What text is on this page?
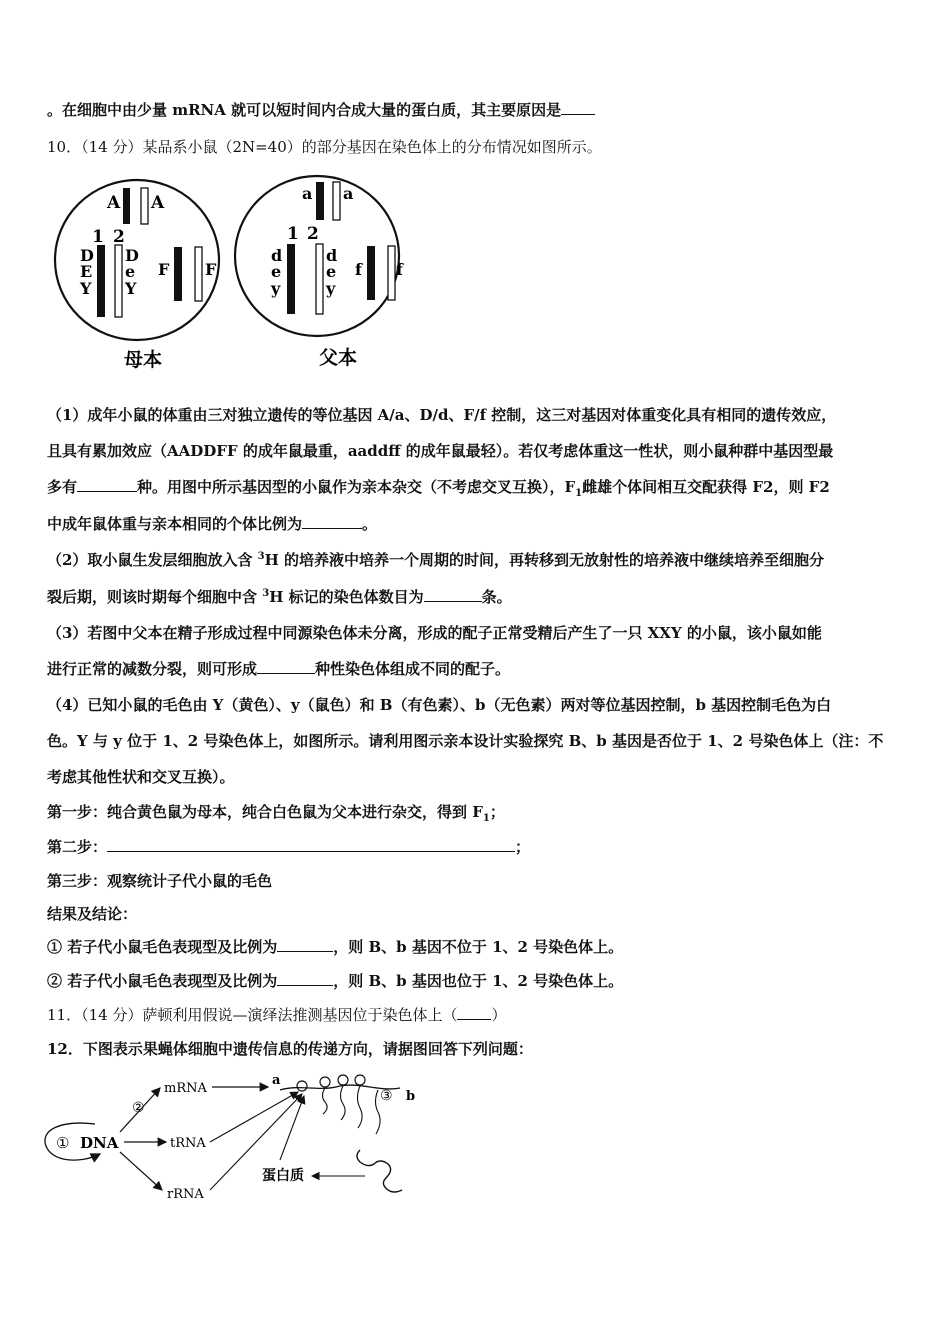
。在细胞中由少量 mRNA 就可以短时间内合成大量的蛋白质，其主要原因是
10．（14 分）某品系小鼠（2N=40）的部分基因在染色体上的分布情况如图所示。
A A
1 2
D
E
Y
D
e
Y
F F
a a
1 2
d
e
y
d
e
y
f f
母本	父本
（1）成年小鼠的体重由三对独立遗传的等位基因 A/a、D/d、F/f 控制，这三对基因对体重变化具有相同的遗传效应，
且具有累加效应（AADDFF 的成年鼠最重，aaddff 的成年鼠最轻）。若仅考虑体重这一性状，则小鼠种群中基因型最
多有	种。用图中所示基因型的小鼠作为亲本杂交（不考虑交叉互换），$F_1$雌雄个体间相互交配获得 F2，则 F2
中成年鼠体重与亲本相同的个体比例为	。
（2）取小鼠生发层细胞放入含 $^3$H 的培养液中培养一个周期的时间，再转移到无放射性的培养液中继续培养至细胞分
裂后期，则该时期每个细胞中含 $^3$H 标记的染色体数目为	条。
（3）若图中父本在精子形成过程中同源染色体未分离，形成的配子正常受精后产生了一只 XXY 的小鼠，该小鼠如能
进行正常的减数分裂，则可形成	种性染色体组成不同的配子。
（4）已知小鼠的毛色由 Y（黄色）、y（鼠色）和 B（有色素）、b（无色素）两对等位基因控制，b 基因控制毛色为白
色。Y 与 y 位于 1、2 号染色体上，如图所示。请利用图示亲本设计实验探究 B、b 基因是否位于 1、2 号染色体上（注：不
考虑其他性状和交叉互换）。
第一步：纯合黄色鼠为母本，纯合白色鼠为父本进行杂交，得到 $F_1$；
第二步：	；
第三步：观察统计子代小鼠的毛色
结果及结论：
① 若子代小鼠毛色表现型及比例为	，则 B、b 基因不位于 1、2 号染色体上。
② 若子代小鼠毛色表现型及比例为	，则 B、b 基因也位于 1、2 号染色体上。
11．（14 分）萨顿利用假说—演绎法推测基因位于染色体上（ ）
12．下图表示果蝇体细胞中遗传信息的传递方向，请据图回答下列问题：
① DNA
②
mRNA
tRNA
rRNA
a
③ b
蛋白质
